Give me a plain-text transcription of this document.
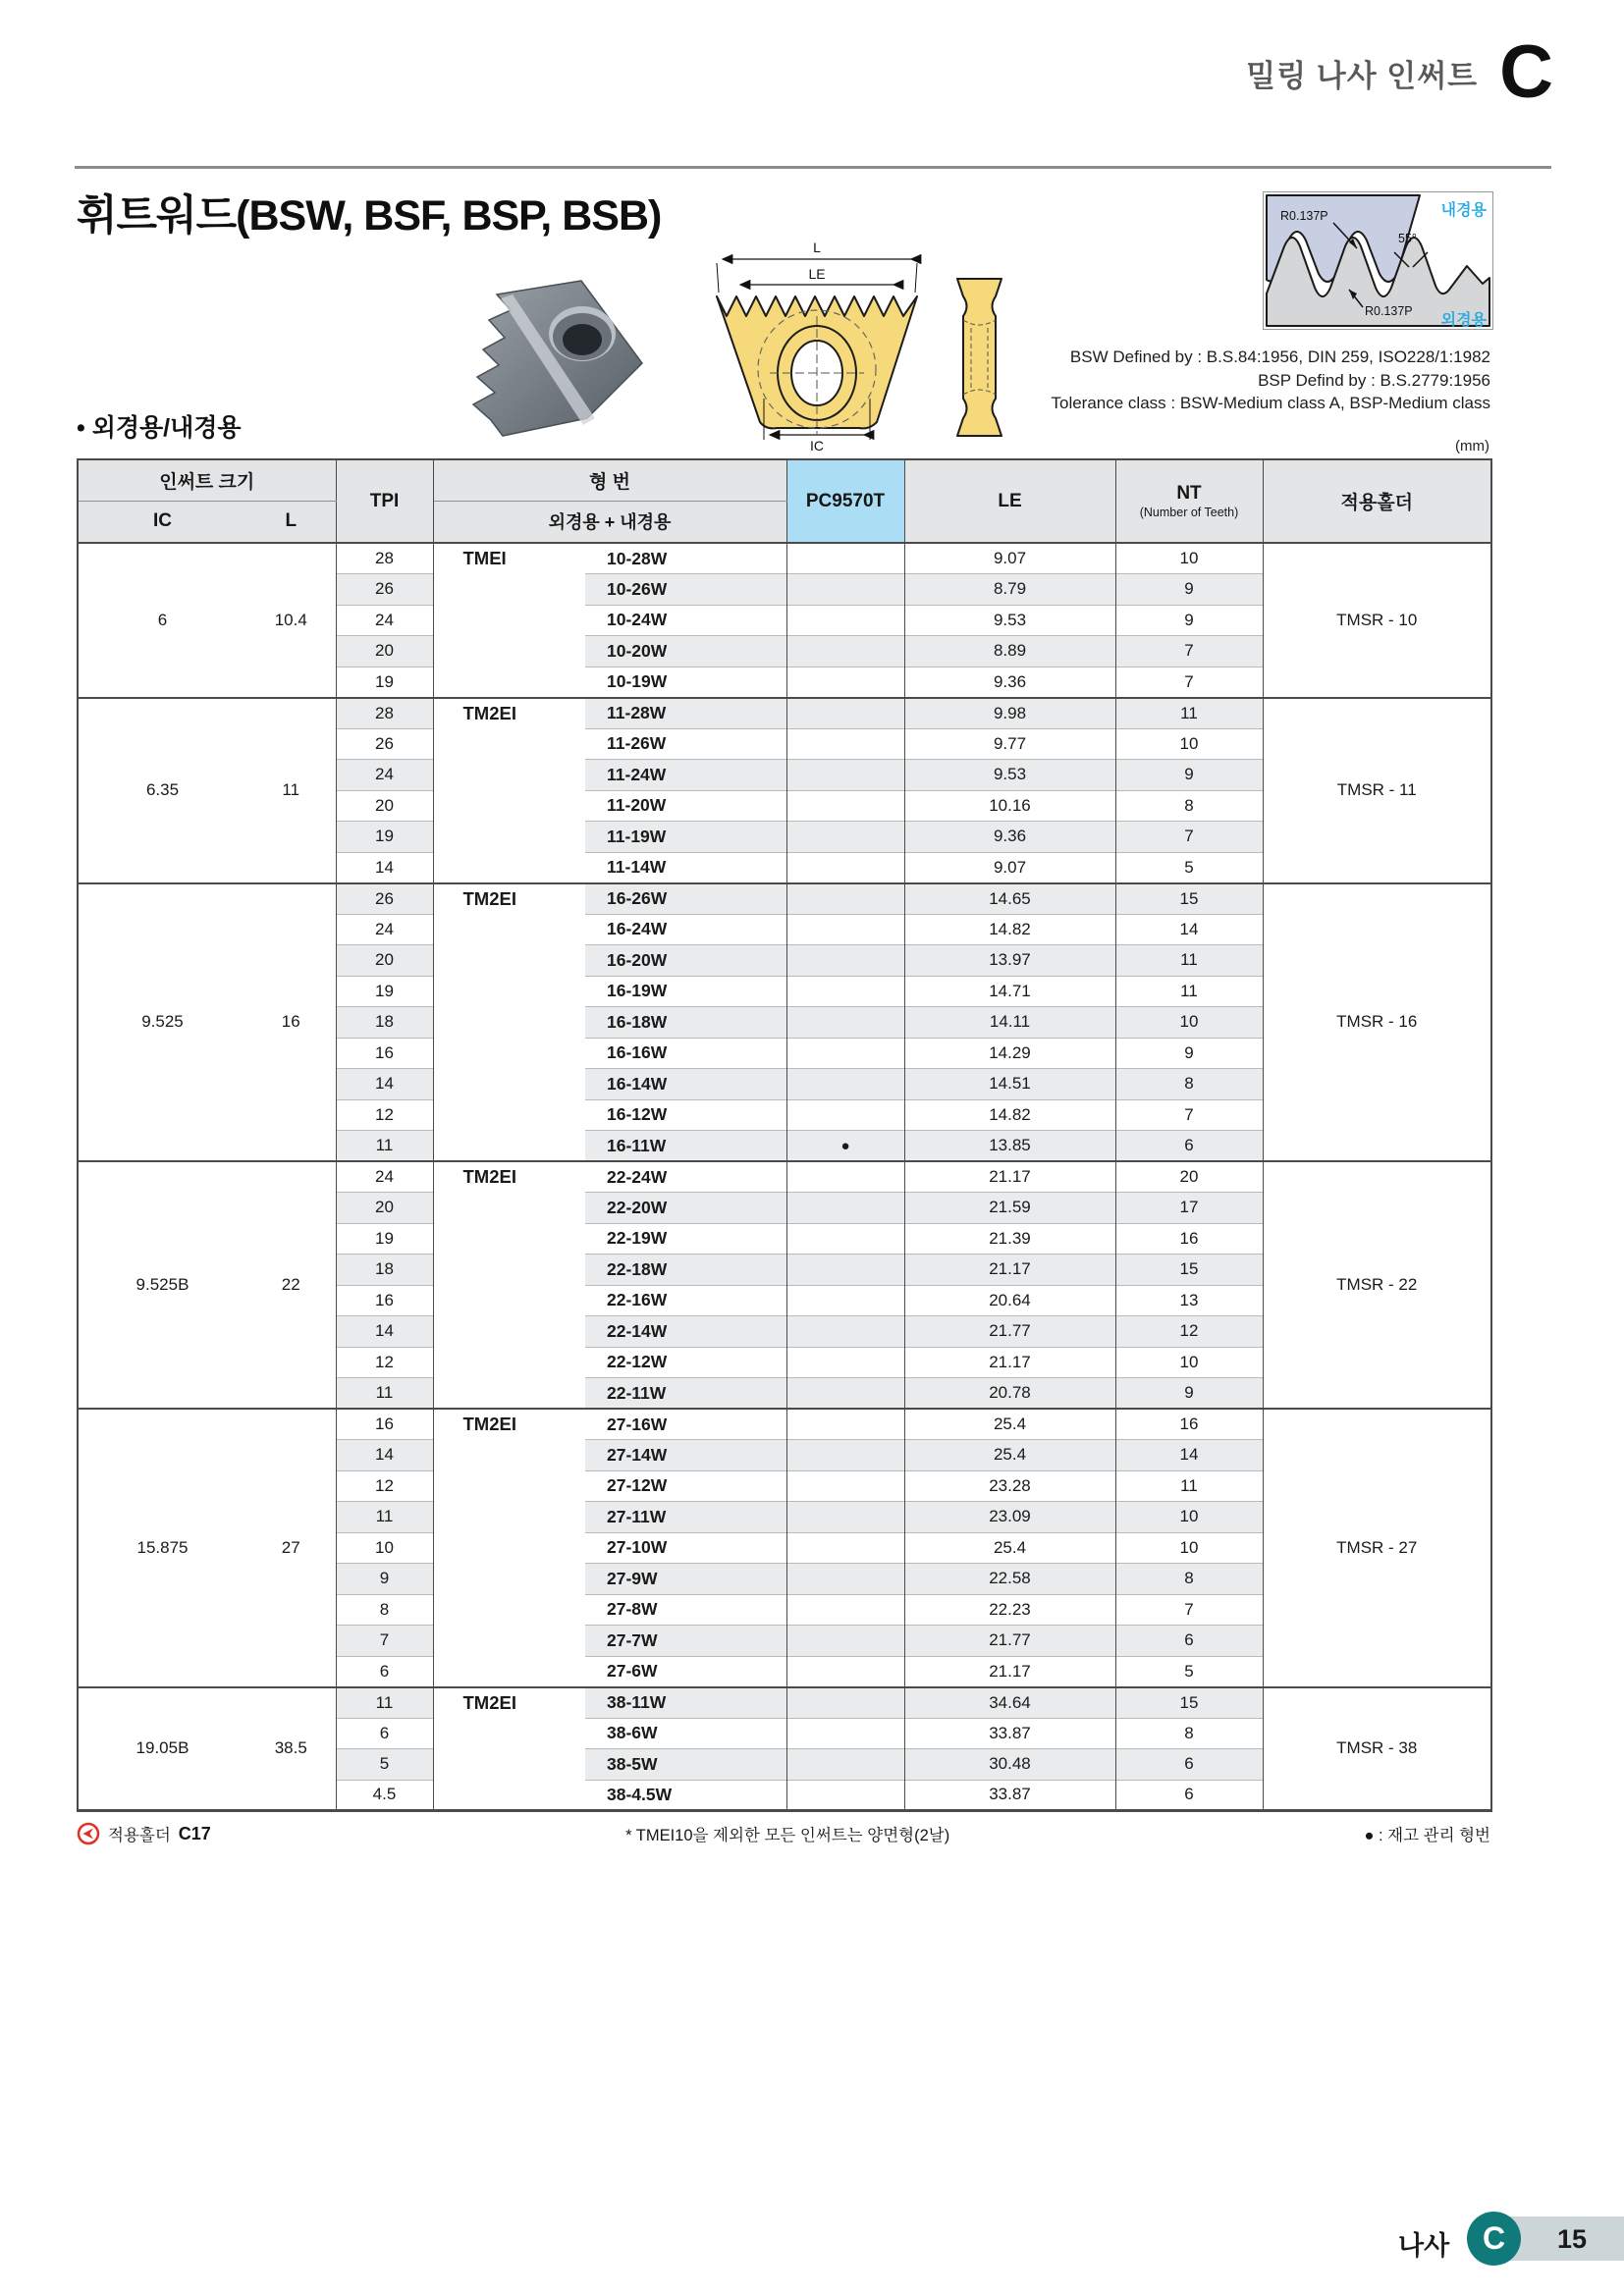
밀링 나사 인써트 C
휘트워드(BSW, BSF, BSP, BSB)
L
LE
IC
내경용
외경용
R0.137P
55°
R0.137P
BSW Defined by : B.S.84:1956, DIN 259, ISO228/1:1982
BSP Defind by : B.S.2779:1956
Tolerance class : BSW-Medium class A, BSP-Medium class
• 외경용/내경용
(mm)
인써트 크기		TPI	형 번		PC9570T	LE	NT
(Number of Teeth)	적용홀더
IC	L		외경용 + 내경용					
6	10.4	28	TMEI	10-28W		9.07	10	TMSR - 10
		26		10-26W		8.79	9	
		24		10-24W		9.53	9	
		20		10-20W		8.89	7	
		19		10-19W		9.36	7	
6.35	11	28	TM2EI	11-28W		9.98	11	TMSR - 11
		26		11-26W		9.77	10	
		24		11-24W		9.53	9	
		20		11-20W		10.16	8	
		19		11-19W		9.36	7	
		14		11-14W		9.07	5	
9.525	16	26	TM2EI	16-26W		14.65	15	TMSR - 16
		24		16-24W		14.82	14	
		20		16-20W		13.97	11	
		19		16-19W		14.71	11	
		18		16-18W		14.11	10	
		16		16-16W		14.29	9	
		14		16-14W		14.51	8	
		12		16-12W		14.82	7	
		11		16-11W	●	13.85	6	
9.525B	22	24	TM2EI	22-24W		21.17	20	TMSR - 22
		20		22-20W		21.59	17	
		19		22-19W		21.39	16	
		18		22-18W		21.17	15	
		16		22-16W		20.64	13	
		14		22-14W		21.77	12	
		12		22-12W		21.17	10	
		11		22-11W		20.78	9	
15.875	27	16	TM2EI	27-16W		25.4	16	TMSR - 27
		14		27-14W		25.4	14	
		12		27-12W		23.28	11	
		11		27-11W		23.09	10	
		10		27-10W		25.4	10	
		9		27-9W		22.58	8	
		8		27-8W		22.23	7	
		7		27-7W		21.77	6	
		6		27-6W		21.17	5	
19.05B	38.5	11	TM2EI	38-11W		34.64	15	TMSR - 38
		6		38-6W		33.87	8	
		5		38-5W		30.48	6	
		4.5		38-4.5W		33.87	6	
적용홀더 C17	* TMEI10을 제외한 모든 인써트는 양면형(2날)	● : 재고 관리 형번
나사	C	15
